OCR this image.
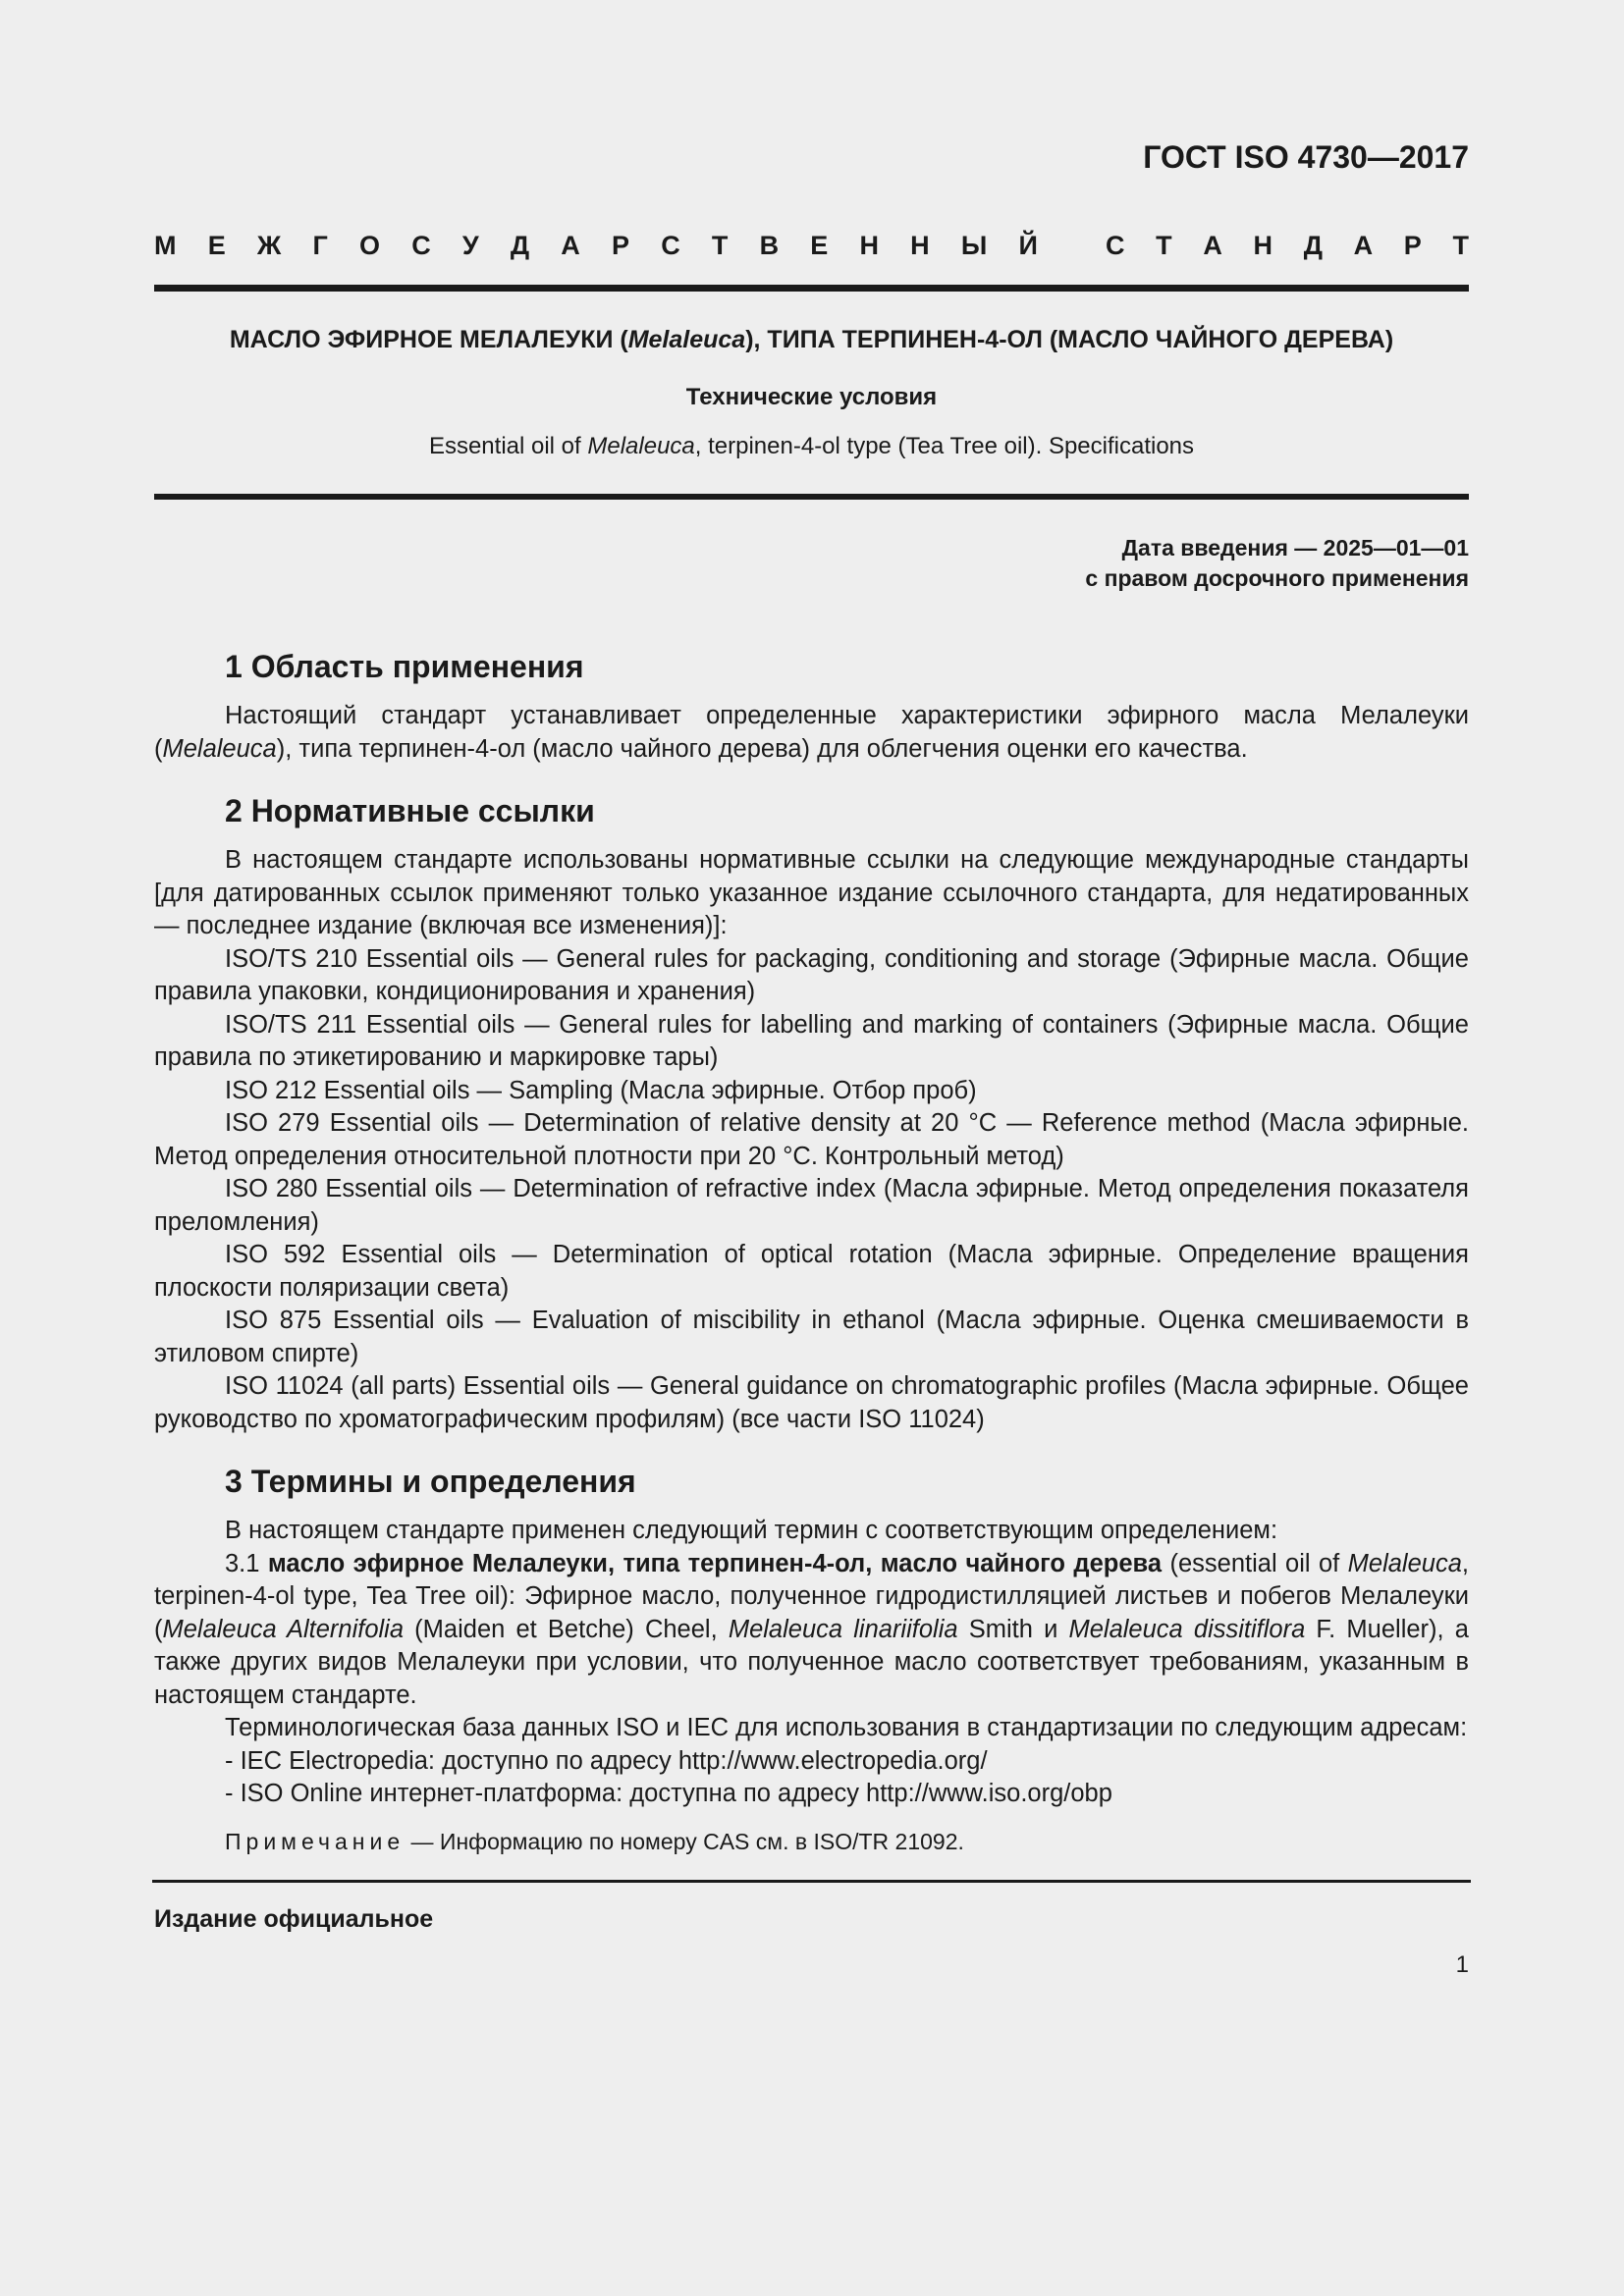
ГОСТ ISO 4730—2017

М Е Ж Г О С У Д А Р С Т В Е Н Н Ы Й	С Т А Н Д А Р Т
МАСЛО ЭФИРНОЕ МЕЛАЛЕУКИ (Melaleuca), ТИПА ТЕРПИНЕН-4-ОЛ (МАСЛО ЧАЙНОГО ДЕРЕВА)
Технические условия
Essential oil of Melaleuca, terpinen-4-ol type (Tea Tree oil). Specifications
Дата введения — 2025—01—01
с правом досрочного применения
1 Область применения

Настоящий стандарт устанавливает определенные характеристики эфирного масла Мелалеуки (Melaleuca), типа терпинен-4-ол (масло чайного дерева) для облегчения оценки его качества.

2 Нормативные ссылки

В настоящем стандарте использованы нормативные ссылки на следующие международные стандарты [для датированных ссылок применяют только указанное издание ссылочного стандарта, для недатированных — последнее издание (включая все изменения)]:

ISO/TS 210 Essential oils — General rules for packaging, conditioning and storage (Эфирные масла. Общие правила упаковки, кондиционирования и хранения)

ISO/TS 211 Essential oils — General rules for labelling and marking of containers (Эфирные масла. Общие правила по этикетированию и маркировке тары)

ISO 212 Essential oils — Sampling (Масла эфирные. Отбор проб)

ISO 279 Essential oils — Determination of relative density at 20 °С — Reference method (Масла эфирные. Метод определения относительной плотности при 20 °С. Контрольный метод)

ISO 280 Essential oils — Determination of refractive index (Масла эфирные. Метод определения показателя преломления)

ISO 592 Essential oils — Determination of optical rotation (Масла эфирные. Определение вращения плоскости поляризации света)

ISO 875 Essential oils — Evaluation of miscibility in ethanol (Масла эфирные. Оценка смешиваемости в этиловом спирте)

ISO 11024 (all parts) Essential oils — General guidance on chromatographic profiles (Масла эфирные. Общее руководство по хроматографическим профилям) (все части ISO 11024)

3 Термины и определения

В настоящем стандарте применен следующий термин с соответствующим определением:

3.1 масло эфирное Мелалеуки, типа терпинен-4-ол, масло чайного дерева (essential oil of Melaleuca, terpinen-4-ol type, Tea Tree oil): Эфирное масло, полученное гидродистилляцией листьев и побегов Мелалеуки (Melaleuca Alternifolia (Maiden et Betche) Cheel, Melaleuca linariifolia Smith и Melaleuca dissitiflora F. Mueller), а также других видов Мелалеуки при условии, что полученное масло соответствует требованиям, указанным в настоящем стандарте.

Терминологическая база данных ISO и IEC для использования в стандартизации по следующим адресам:

- IEC Electropedia: доступно по адресу http://www.electropedia.org/

- ISO Online интернет-платформа: доступна по адресу http://www.iso.org/obp

Примечание — Информацию по номеру CAS см. в ISO/TR 21092.
Издание официальное
1
